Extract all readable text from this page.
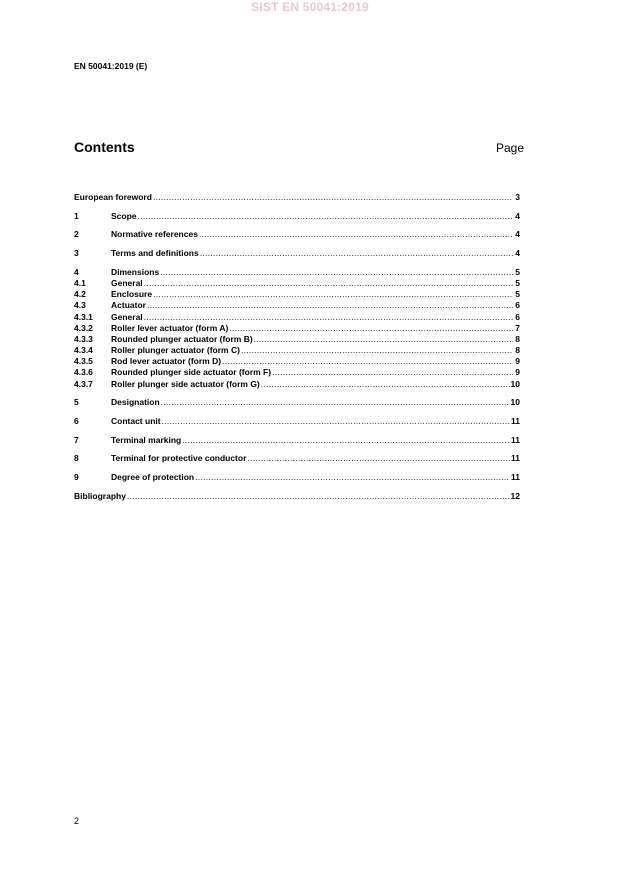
SIST EN 50041:2019
EN 50041:2019 (E)
Contents	Page
European foreword .....	3
1	Scope .....	4
2	Normative references .....	4
3	Terms and definitions .....	4
4	Dimensions .....	5
4.1	General .....	5
4.2	Enclosure .....	5
4.3	Actuator .....	6
4.3.1	General .....	6
4.3.2	Roller lever actuator (form A) .....	7
4.3.3	Rounded plunger actuator (form B) .....	8
4.3.4	Roller plunger actuator (form C) .....	8
4.3.5	Rod lever actuator (form D) .....	9
4.3.6	Rounded plunger side actuator (form F) .....	9
4.3.7	Roller plunger side actuator (form G) .....	10
5	Designation .....	10
6	Contact unit .....	11
7	Terminal marking .....	11
8	Terminal for protective conductor .....	11
9	Degree of protection .....	11
Bibliography .....	12
2
